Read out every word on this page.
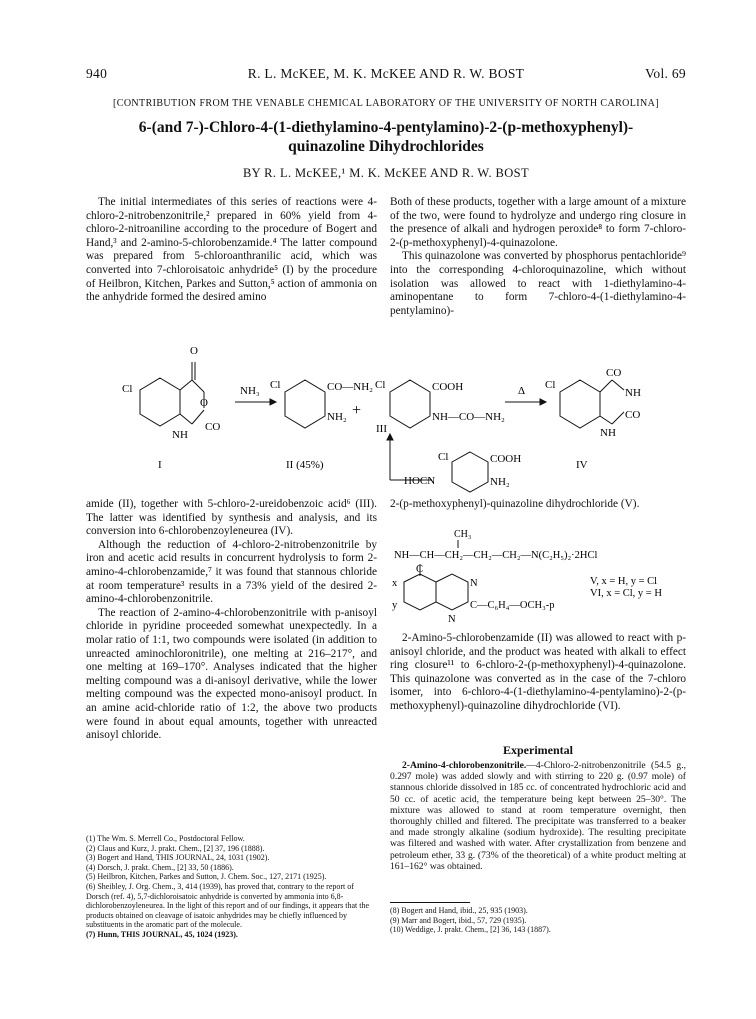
940	R. L. McKEE, M. K. McKEE AND R. W. BOST	Vol. 69
[CONTRIBUTION FROM THE VENABLE CHEMICAL LABORATORY OF THE UNIVERSITY OF NORTH CAROLINA]
6-(and 7-)-Chloro-4-(1-diethylamino-4-pentylamino)-2-(p-methoxyphenyl)-
quinazoline Dihydrochlorides
BY R. L. McKEE,¹ M. K. McKEE AND R. W. BOST

The initial intermediates of this series of reactions were 4-chloro-2-nitrobenzonitrile,² prepared in 60% yield from 4-chloro-2-nitroaniline according to the procedure of Bogert and Hand,³ and 2-amino-5-chlorobenzamide.⁴ The latter compound was prepared from 5-chloroanthranilic acid, which was converted into 7-chloroisatoic anhydride⁵ (I) by the procedure of Heilbron, Kitchen, Parkes and Sutton,⁵ action of ammonia on the anhydride formed the desired amino

Both of these products, together with a large amount of a mixture of the two, were found to hydrolyze and undergo ring closure in the presence of alkali and hydrogen peroxide⁸ to form 7-chloro-2-(p-methoxyphenyl)-4-quinazolone.

This quinazolone was converted by phosphorus pentachloride⁹ into the corresponding 4-chloroquinazoline, which without isolation was allowed to react with 1-diethylamino-4-aminopentane to form 7-chloro-4-(1-diethylamino-4-pentylamino)-

O
Cl
O
CO
NH
I
NH₃ Cl	CO—NH₂
NH₂
II (45%)
+
Cl	COOH
NH—CO—NH₂
III
Δ Cl
CO
NH
CO
NH
IV
HOCN
Cl	COOH
NH₂

amide (II), together with 5-chloro-2-ureidobenzoic acid⁶ (III). The latter was identified by synthesis and analysis, and its conversion into 6-chlorobenzoyleneurea (IV).

Although the reduction of 4-chloro-2-nitrobenzonitrile by iron and acetic acid results in concurrent hydrolysis to form 2-amino-4-chlorobenzamide,⁷ it was found that stannous chloride at room temperature³ results in a 73% yield of the desired 2-amino-4-chlorobenzonitrile.

The reaction of 2-amino-4-chlorobenzonitrile with p-anisoyl chloride in pyridine proceeded somewhat unexpectedly. In a molar ratio of 1:1, two compounds were isolated (in addition to unreacted aminochloronitrile), one melting at 216–217°, and one melting at 169–170°. Analyses indicated that the higher melting compound was a di-anisoyl derivative, while the lower melting compound was the expected mono-anisoyl product. In an amine acid-chloride ratio of 1:2, the above two products were found in about equal amounts, together with unreacted anisoyl chloride.

(1) The Wm. S. Merrell Co., Postdoctoral Fellow.

(2) Claus and Kurz, J. prakt. Chem., [2] 37, 196 (1888).

(3) Bogert and Hand, THIS JOURNAL, 24, 1031 (1902).

(4) Dorsch, J. prakt. Chem., [2] 33, 50 (1886).

(5) Heilbron, Kitchen, Parkes and Sutton, J. Chem. Soc., 127, 2171 (1925).

(6) Sheibley, J. Org. Chem., 3, 414 (1939), has proved that, contrary to the report of Dorsch (ref. 4), 5,7-dichloroisatoic anhydride is converted by ammonia into 6,8-dichlorobenzoyleneurea. In the light of this report and of our findings, it appears that the products obtained on cleavage of isatoic anhydrides may be chiefly influenced by substituents in the aromatic part of the molecule.

(7) Hunn, THIS JOURNAL, 45, 1024 (1923).

2-(p-methoxyphenyl)-quinazoline dihydrochloride (V).

CH₃
NH—CH—CH₂—CH₂—CH₂—N(C₂H₅)₂·2HCl
x
y
C
N
N
C—C₆H₄—OCH₃-p
V, x = H, y = Cl
VI, x = Cl, y = H

2-Amino-5-chlorobenzamide (II) was allowed to react with p-anisoyl chloride, and the product was heated with alkali to effect ring closure¹¹ to 6-chloro-2-(p-methoxyphenyl)-4-quinazolone. This quinazolone was converted as in the case of the 7-chloro isomer, into 6-chloro-4-(1-diethylamino-4-pentylamino)-2-(p-methoxyphenyl)-quinazoline dihydrochloride (VI).

Experimental
2-Amino-4-chlorobenzonitrile.—4-Chloro-2-nitrobenzonitrile (54.5 g., 0.297 mole) was added slowly and with stirring to 220 g. (0.97 mole) of stannous chloride dissolved in 185 cc. of concentrated hydrochloric acid and 50 cc. of acetic acid, the temperature being kept between 25–30°. The mixture was allowed to stand at room temperature overnight, then thoroughly chilled and filtered. The precipitate was transferred to a beaker and made strongly alkaline (sodium hydroxide). The resulting precipitate was filtered and washed with water. After crystallization from benzene and petroleum ether, 33 g. (73% of the theoretical) of a white product melting at 161–162° was obtained.

(8) Bogert and Hand, ibid., 25, 935 (1903).

(9) Marr and Bogert, ibid., 57, 729 (1935).

(10) Weddige, J. prakt. Chem., [2] 36, 143 (1887).
